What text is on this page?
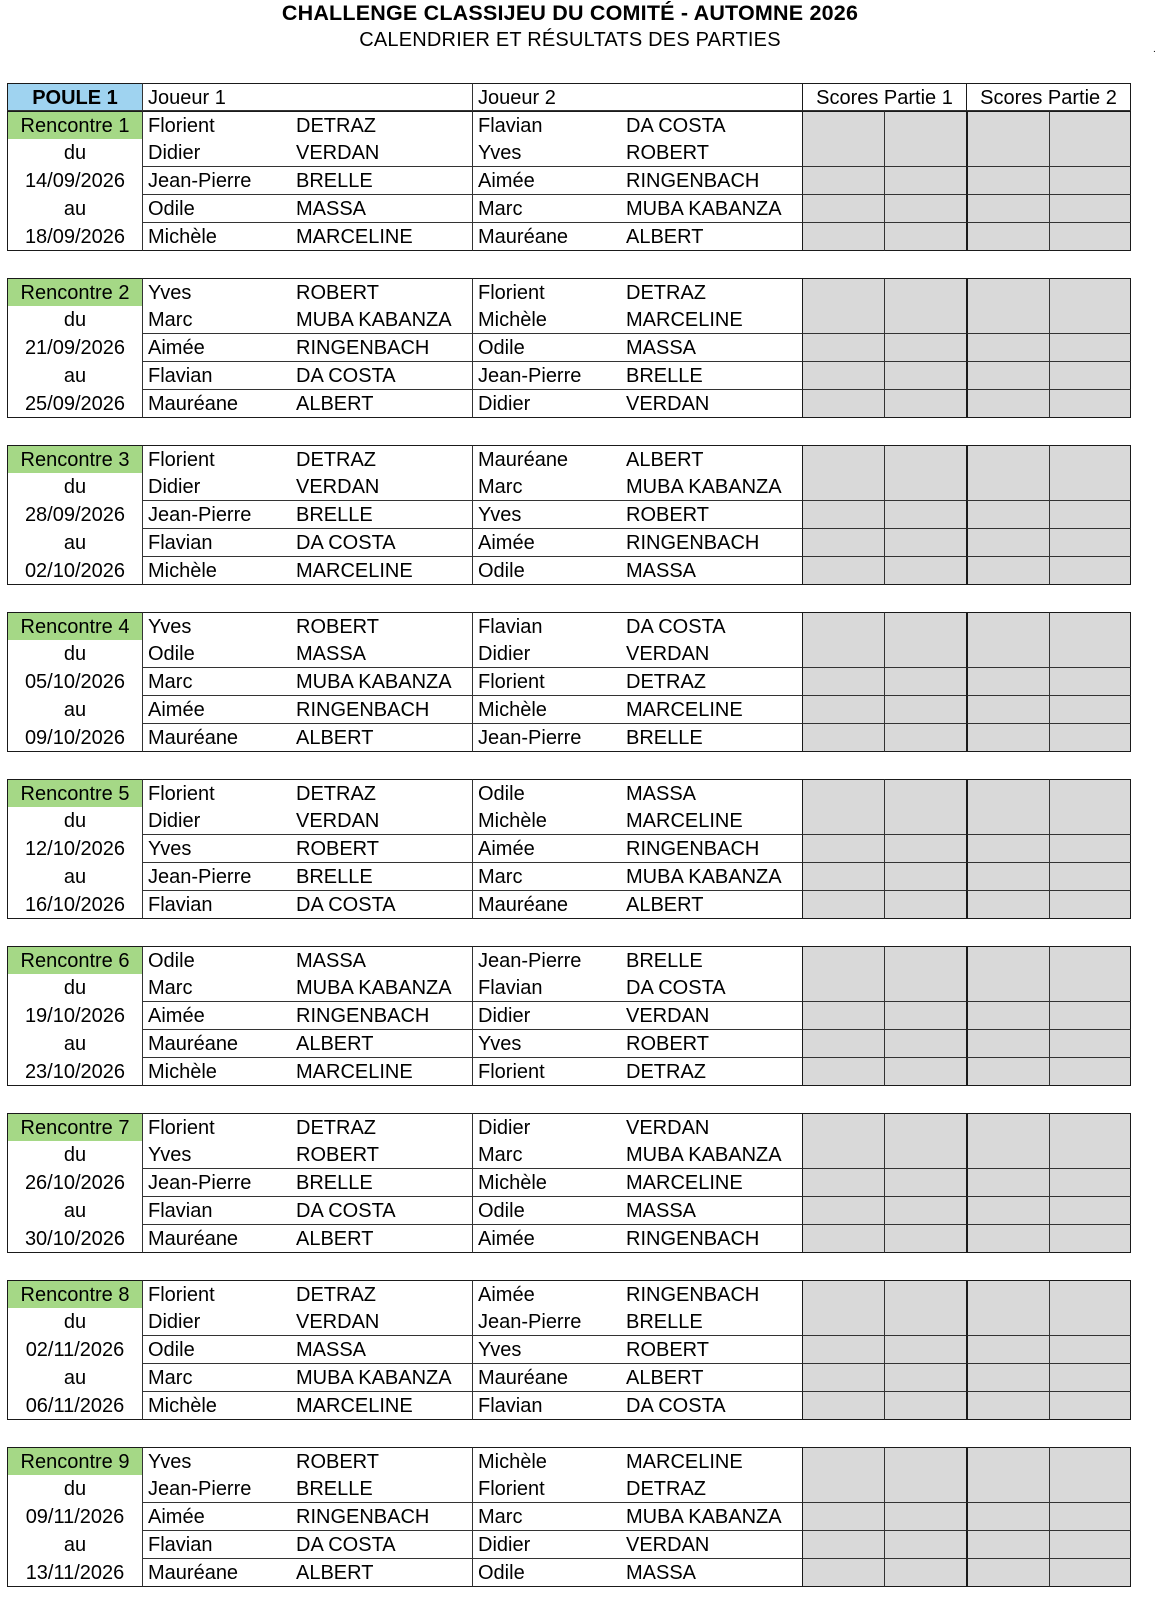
CHALLENGE CLASSIJEU DU COMITÉ - AUTOMNE 2026
CALENDRIER ET RÉSULTATS DES PARTIES	.
POULE 1	Joueur 1	Joueur 2	Scores Partie 1	Scores Partie 2
Rencontre 1 Florient	DETRAZ	Flavian	DA COSTA
du	Didier	VERDAN	Yves	ROBERT
14/09/2026	Jean-Pierre BRELLE	Aimée	RINGENBACH
au	Odile	MASSA	Marc	MUBA KABANZA
18/09/2026	Michèle	MARCELINE	Mauréane	ALBERT
Rencontre 2 Yves	ROBERT	Florient	DETRAZ
du	Marc	MUBA KABANZA	Michèle	MARCELINE
21/09/2026	Aimée	RINGENBACH	Odile	MASSA
au	Flavian	DA COSTA	Jean-Pierre BRELLE
25/09/2026	Mauréane	ALBERT	Didier	VERDAN
Rencontre 3 Florient	DETRAZ	Mauréane	ALBERT
du	Didier	VERDAN	Marc	MUBA KABANZA
28/09/2026	Jean-Pierre BRELLE	Yves	ROBERT
au	Flavian	DA COSTA	Aimée	RINGENBACH
02/10/2026	Michèle	MARCELINE	Odile	MASSA
Rencontre 4 Yves	ROBERT	Flavian	DA COSTA
du	Odile	MASSA	Didier	VERDAN
05/10/2026	Marc	MUBA KABANZA	Florient	DETRAZ
au	Aimée	RINGENBACH	Michèle	MARCELINE
09/10/2026	Mauréane	ALBERT	Jean-Pierre BRELLE
Rencontre 5 Florient	DETRAZ	Odile	MASSA
du	Didier	VERDAN	Michèle	MARCELINE
12/10/2026	Yves	ROBERT	Aimée	RINGENBACH
au	Jean-Pierre BRELLE	Marc	MUBA KABANZA
16/10/2026	Flavian	DA COSTA	Mauréane	ALBERT
Rencontre 6 Odile	MASSA	Jean-Pierre BRELLE
du	Marc	MUBA KABANZA	Flavian	DA COSTA
19/10/2026	Aimée	RINGENBACH	Didier	VERDAN
au	Mauréane	ALBERT	Yves	ROBERT
23/10/2026	Michèle	MARCELINE	Florient	DETRAZ
Rencontre 7 Florient	DETRAZ	Didier	VERDAN
du	Yves	ROBERT	Marc	MUBA KABANZA
26/10/2026	Jean-Pierre BRELLE	Michèle	MARCELINE
au	Flavian	DA COSTA	Odile	MASSA
30/10/2026	Mauréane	ALBERT	Aimée	RINGENBACH
Rencontre 8 Florient	DETRAZ	Aimée	RINGENBACH
du	Didier	VERDAN	Jean-Pierre BRELLE
02/11/2026	Odile	MASSA	Yves	ROBERT
au	Marc	MUBA KABANZA	Mauréane	ALBERT
06/11/2026	Michèle	MARCELINE	Flavian	DA COSTA
Rencontre 9 Yves	ROBERT	Michèle	MARCELINE
du	Jean-Pierre BRELLE	Florient	DETRAZ
09/11/2026	Aimée	RINGENBACH	Marc	MUBA KABANZA
au	Flavian	DA COSTA	Didier	VERDAN
13/11/2026	Mauréane	ALBERT	Odile	MASSA
